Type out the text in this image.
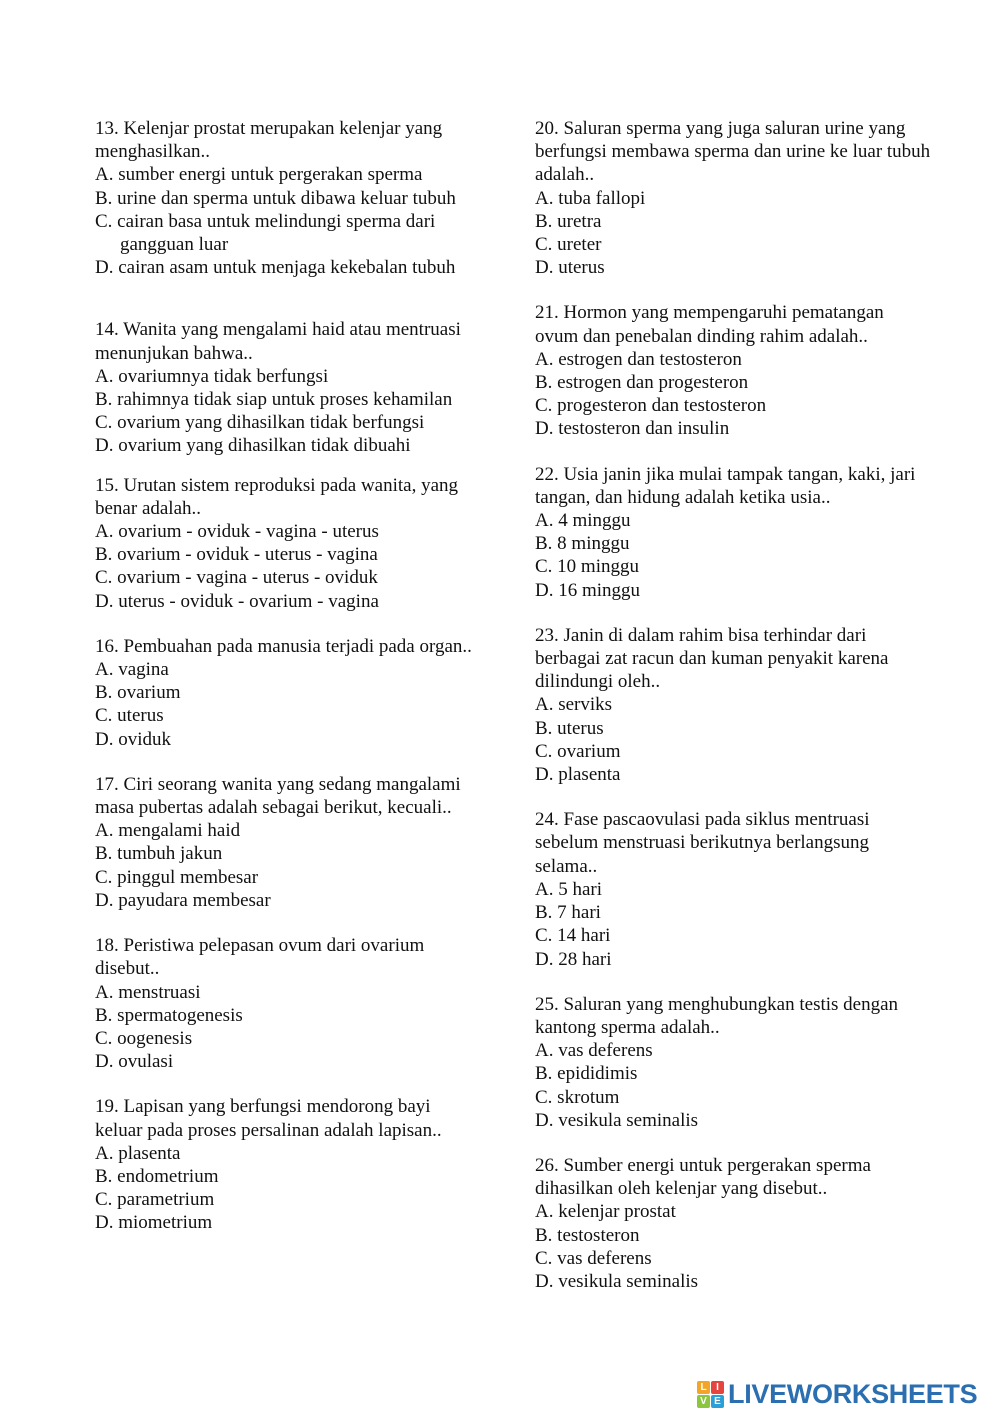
13. Kelenjar prostat merupakan kelenjar yang menghasilkan..
A. sumber energi untuk pergerakan sperma
B. urine dan sperma untuk dibawa keluar tubuh
C. cairan basa untuk melindungi sperma dari gangguan luar
D. cairan asam untuk menjaga kekebalan tubuh
14. Wanita yang mengalami haid atau mentruasi menunjukan bahwa..
A. ovariumnya tidak berfungsi
B. rahimnya tidak siap untuk proses kehamilan
C. ovarium yang dihasilkan tidak berfungsi
D. ovarium yang dihasilkan tidak dibuahi
15. Urutan sistem reproduksi pada wanita, yang benar adalah..
A. ovarium - oviduk - vagina - uterus
B. ovarium - oviduk - uterus - vagina
C. ovarium - vagina - uterus - oviduk
D. uterus - oviduk - ovarium - vagina
16. Pembuahan pada manusia terjadi pada organ..
A. vagina
B. ovarium
C. uterus
D. oviduk
17. Ciri seorang wanita yang sedang mangalami masa pubertas adalah sebagai berikut, kecuali..
A. mengalami haid
B. tumbuh jakun
C. pinggul membesar
D. payudara membesar
18. Peristiwa pelepasan ovum dari ovarium disebut..
A. menstruasi
B. spermatogenesis
C. oogenesis
D. ovulasi
19. Lapisan yang berfungsi mendorong bayi keluar pada proses persalinan adalah lapisan..
A. plasenta
B. endometrium
C. parametrium
D. miometrium
20. Saluran sperma yang juga saluran urine yang berfungsi membawa sperma dan urine ke luar tubuh adalah..
A. tuba fallopi
B. uretra
C. ureter
D. uterus
21. Hormon yang mempengaruhi pematangan ovum dan penebalan dinding rahim adalah..
A. estrogen dan testosteron
B. estrogen dan progesteron
C. progesteron dan testosteron
D. testosteron dan insulin
22. Usia janin jika mulai tampak tangan, kaki, jari tangan, dan hidung adalah ketika usia..
A. 4 minggu
B. 8 minggu
C. 10 minggu
D. 16 minggu
23. Janin di dalam rahim bisa terhindar dari berbagai zat racun dan kuman penyakit karena dilindungi oleh..
A. serviks
B. uterus
C. ovarium
D. plasenta
24. Fase pascaovulasi pada siklus mentruasi sebelum menstruasi berikutnya berlangsung selama..
A. 5 hari
B. 7 hari
C. 14 hari
D. 28 hari
25. Saluran yang menghubungkan testis dengan kantong sperma adalah..
A. vas deferens
B. epididimis
C. skrotum
D. vesikula seminalis
26. Sumber energi untuk pergerakan sperma dihasilkan oleh kelenjar yang disebut..
A. kelenjar prostat
B. testosteron
C. vas deferens
D. vesikula seminalis
L I
V E LIVEWORKSHEETS
